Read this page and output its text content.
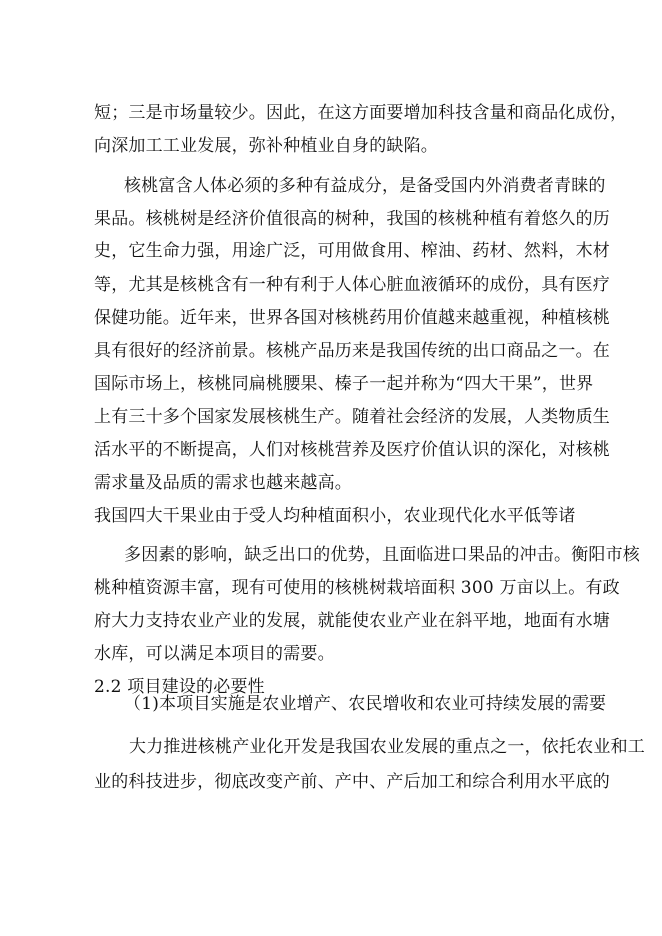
短；三是市场量较少。因此，在这方面要增加科技含量和商品化成份，
向深加工工业发展，弥补种植业自身的缺陷。
核桃富含人体必须的多种有益成分，是备受国内外消费者青睐的
果品。核桃树是经济价值很高的树种，我国的核桃种植有着悠久的历
史，它生命力强，用途广泛，可用做食用、榨油、药材、然料，木材
等，尤其是核桃含有一种有利于人体心脏血液循环的成份，具有医疗
保健功能。近年来，世界各国对核桃药用价值越来越重视，种植核桃
具有很好的经济前景。核桃产品历来是我国传统的出口商品之一。在
国际市场上，核桃同扁桃腰果、榛子一起并称为“四大干果”，世界
上有三十多个国家发展核桃生产。随着社会经济的发展，人类物质生
活水平的不断提高，人们对核桃营养及医疗价值认识的深化，对核桃
需求量及品质的需求也越来越高。
我国四大干果业由于受人均种植面积小，农业现代化水平低等诸
多因素的影响，缺乏出口的优势，且面临进口果品的冲击。衡阳市核
桃种植资源丰富，现有可使用的核桃树栽培面积 300 万亩以上。有政
府大力支持农业产业的发展，就能使农业产业在斜平地，地面有水塘
水库，可以满足本项目的需要。
2.2 项目建设的必要性
（1)本项目实施是农业增产、农民增收和农业可持续发展的需要
大力推进核桃产业化开发是我国农业发展的重点之一，依托农业和工
业的科技进步，彻底改变产前、产中、产后加工和综合利用水平底的
